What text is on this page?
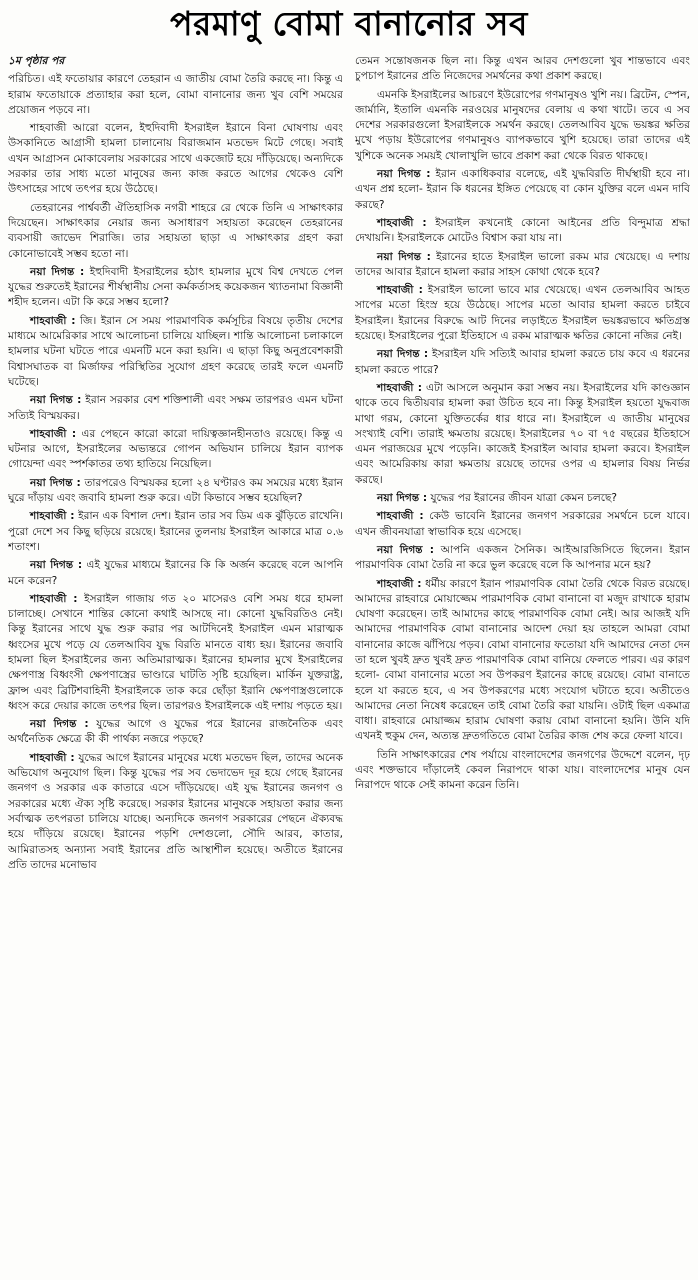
পরমাণু বোমা বানানোর সব

১ম পৃষ্ঠার পর

পরিচিত। এই ফতোয়ার কারণে তেহরান এ জাতীয় বোমা তৈরি করছে না। কিন্তু এ হারাম ফতোয়াকে প্রত্যাহার করা হলে, বোমা বানানোর জন্য খুব বেশি সময়ের প্রয়োজন পড়বে না।

শাহবাজী আরো বলেন, ইহুদিবাদী ইসরাইল ইরানে বিনা ঘোষণায় এবং উসকানিতে আগ্রাসী হামলা চালানোয় বিরাজমান মতভেদ মিটে গেছে। সবাই এখন আগ্রাসন মোকাবেলায় সরকারের সাথে একজোট হয়ে দাঁড়িয়েছে। অন্যদিকে সরকার তার সাধ্য মতো মানুষের জন্য কাজ করতে আগের থেকেও বেশি উৎসাহের সাথে তৎপর হয়ে উঠেছে।

তেহরানের পার্শ্ববর্তী ঐতিহাসিক নগরী শাহরে রে থেকে তিনি এ সাক্ষাৎকার দিয়েছেন। সাক্ষাৎকার নেয়ার জন্য অসাধারণ সহায়তা করেছেন তেহরানের ব্যবসায়ী জাভেদ শিরাজি। তার সহায়তা ছাড়া এ সাক্ষাৎকার গ্রহণ করা কোনোভাবেই সম্ভব হতো না।

নয়া দিগন্ত : ইহুদিবাদী ইসরাইলের হঠাৎ হামলার মুখে বিশ্ব দেখতে পেল যুদ্ধের শুরুতেই ইরানের শীর্ষস্থানীয় সেনা কর্মকর্তাসহ কয়েকজন খ্যাতনামা বিজ্ঞানী শহীদ হলেন। এটা কি করে সম্ভব হলো?

শাহবাজী : জি। ইরান সে সময় পারমাণবিক কর্মসূচির বিষয়ে তৃতীয় দেশের মাধ্যমে আমেরিকার সাথে আলোচনা চালিয়ে যাচ্ছিল। শান্তি আলোচনা চলাকালে হামলার ঘটনা ঘটতে পারে এমনটি মনে করা হয়নি। এ ছাড়া কিছু অনুপ্রবেশকারী বিশ্বাসঘাতক বা মির্জাফর পরিস্থিতির সুযোগ গ্রহণ করেছে তারই ফলে এমনটি ঘটেছে।

নয়া দিগন্ত : ইরান সরকার বেশ শক্তিশালী এবং সক্ষম তারপরও এমন ঘটনা সত্যিই বিস্ময়কর।

শাহবাজী : এর পেছনে কারো কারো দায়িত্বজ্ঞানহীনতাও রয়েছে। কিন্তু এ ঘটনার আগে, ইসরাইলের অভ্যন্তরে গোপন অভিযান চালিয়ে ইরান ব্যাপক গোয়েন্দা এবং স্পর্শকাতর তথ্য হাতিয়ে নিয়েছিল।

নয়া দিগন্ত : তারপরেও বিস্ময়কর হলো ২৪ ঘণ্টারও কম সময়ের মধ্যে ইরান ঘুরে দাঁড়ায় এবং জবাবি হামলা শুরু করে। এটা কিভাবে সম্ভব হয়েছিল?

শাহবাজী : ইরান এক বিশাল দেশ। ইরান তার সব ডিম এক ঝুঁড়িতে রাখেনি। পুরো দেশে সব কিছু ছড়িয়ে রয়েছে। ইরানের তুলনায় ইসরাইল আকারে মাত্র ০.৬ শতাংশ।

নয়া দিগন্ত : এই যুদ্ধের মাধ্যমে ইরানের কি কি অর্জন করেছে বলে আপনি মনে করেন?

শাহবাজী : ইসরাইল গাজায় গত ২০ মাসেরও বেশি সময় ধরে হামলা চালাচ্ছে। সেখানে শান্তির কোনো কথাই আসছে না। কোনো যুদ্ধবিরতিও নেই। কিন্তু ইরানের সাথে যুদ্ধ শুরু করার পর আটদিনেই ইসরাইল এমন মারাত্মক ধ্বংসের মুখে পড়ে যে তেলআবিব যুদ্ধ বিরতি মানতে বাধ্য হয়। ইরানের জবাবি হামলা ছিল ইসরাইলের জন্য অতিমারাত্মক। ইরানের হামলার মুখে ইসরাইলের ক্ষেপণাস্ত্র বিধ্বংসী ক্ষেপণাস্ত্রের ভাণ্ডারে ঘাটতি সৃষ্টি হয়েছিল। মার্কিন যুক্তরাষ্ট্র, ফ্রান্স এবং ব্রিটিশবাহিনী ইসরাইলকে তাক করে ছোঁড়া ইরানি ক্ষেপণাস্ত্রগুলোকে ধ্বংস করে দেয়ার কাজে তৎপর ছিল। তারপরও ইসরাইলকে এই দশায় পড়তে হয়।

নয়া দিগন্ত : যুদ্ধের আগে ও যুদ্ধের পরে ইরানের রাজনৈতিক এবং অর্থনৈতিক ক্ষেত্রে কী কী পার্থক্য নজরে পড়ছে?

শাহবাজী : যুদ্ধের আগে ইরানের মানুষের মধ্যে মতভেদ ছিল, তাদের অনেক অভিযোগ অনুযোগ ছিল। কিন্তু যুদ্ধের পর সব ভেদাভেদ দূর হয়ে গেছে ইরানের জনগণ ও সরকার এক কাতারে এসে দাঁড়িয়েছে। এই যুদ্ধ ইরানের জনগণ ও সরকারের মধ্যে ঐক্য সৃষ্টি করেছে। সরকার ইরানের মানুষকে সহায়তা করার জন্য সর্বাত্মক তৎপরতা চালিয়ে যাচ্ছে। অন্যদিকে জনগণ সরকারের পেছনে ঐক্যবদ্ধ হয়ে দাঁড়িয়ে রয়েছে। ইরানের পড়শি দেশগুলো, সৌদি আরব, কাতার, আমিরাতসহ অন্যান্য সবাই ইরানের প্রতি আস্থাশীল হয়েছে। অতীতে ইরানের প্রতি তাদের মনোভাব

তেমন সন্তোষজনক ছিল না। কিন্তু এখন আরব দেশগুলো খুব শান্তভাবে এবং চুপচাপ ইরানের প্রতি নিজেদের সমর্থনের কথা প্রকাশ করছে।

এমনকি ইসরাইলের আচরণে ইউরোপের গণমানুষও খুশি নয়। ব্রিটেন, স্পেন, জার্মানি, ইতালি এমনকি নরওয়ের মানুষদের বেলায় এ কথা খাটে। তবে এ সব দেশের সরকারগুলো ইসরাইলকে সমর্থন করছে। তেলআবিব যুদ্ধে ভয়ঙ্কর ক্ষতির মুখে পড়ায় ইউরোপের গণমানুষও ব্যাপকভাবে খুশি হয়েছে। তারা তাদের এই খুশিকে অনেক সময়ই খোলাখুলি ভাবে প্রকাশ করা থেকে বিরত থাকছে।

নয়া দিগন্ত : ইরান একাধিকবার বলেছে, এই যুদ্ধবিরতি দীর্ঘস্থায়ী হবে না। এখন প্রশ্ন হলো- ইরান কি ধরনের ইঙ্গিত পেয়েছে বা কোন যুক্তির বলে এমন দাবি করছে?

শাহবাজী : ইসরাইল কখনোই কোনো আইনের প্রতি বিন্দুমাত্র শ্রদ্ধা দেখায়নি। ইসরাইলকে মোটেও বিশ্বাস করা যায় না।

নয়া দিগন্ত : ইরানের হাতে ইসরাইল ভালো রকম মার খেয়েছে। এ দশায় তাদের আবার ইরানে হামলা করার সাহস কোথা থেকে হবে?

শাহবাজী : ইসরাইল ভালো ভাবে মার খেয়েছে। এখন তেলআবিব আহত সাপের মতো হিংস্র হয়ে উঠেছে। সাপের মতো আবার হামলা করতে চাইবে ইসরাইল। ইরানের বিরুদ্ধে আট দিনের লড়াইতে ইসরাইল ভয়ঙ্করভাবে ক্ষতিগ্রস্ত হয়েছে। ইসরাইলের পুরো ইতিহাসে এ রকম মারাত্মক ক্ষতির কোনো নজির নেই।

নয়া দিগন্ত : ইসরাইল যদি সত্যিই আবার হামলা করতে চায় কবে এ ধরনের হামলা করতে পারে?

শাহবাজী : এটা আসলে অনুমান করা সম্ভব নয়। ইসরাইলের যদি কাণ্ডজ্ঞান থাকে তবে দ্বিতীয়বার হামলা করা উচিত হবে না। কিন্তু ইসরাইল হয়তো যুদ্ধবাজ মাথা গরম, কোনো যুক্তিতর্কের ধার ধারে না। ইসরাইলে এ জাতীয় মানুষের সংখ্যাই বেশি। তারাই ক্ষমতায় রয়েছে। ইসরাইলের ৭০ বা ৭৫ বছরের ইতিহাসে এমন পরাজয়ের মুখে পড়েনি। কাজেই ইসরাইল আবার হামলা করবে। ইসরাইল এবং আমেরিকায় কারা ক্ষমতায় রয়েছে তাদের ওপর এ হামলার বিষয় নির্ভর করছে।

নয়া দিগন্ত : যুদ্ধের পর ইরানের জীবন যাত্রা কেমন চলছে?

শাহবাজী : কেউ ভাবেনি ইরানের জনগণ সরকারের সমর্থনে চলে যাবে। এখন জীবনযাত্রা স্বাভাবিক হয়ে এসেছে।

নয়া দিগন্ত : আপনি একজন সৈনিক। আইআরজিসিতে ছিলেন। ইরান পারমাণবিক বোমা তৈরি না করে ভুল করেছে বলে কি আপনার মনে হয়?

শাহবাজী : ধর্মীয় কারণে ইরান পারমাণবিক বোমা তৈরি থেকে বিরত রয়েছে। আমাদের রাহবারে মোয়াজ্জেম পারমাণবিক বোমা বানানো বা মজুদ রাখাকে হারাম ঘোষণা করেছেন। তাই আমাদের কাছে পারমাণবিক বোমা নেই। আর আজই যদি আমাদের পারমাণবিক বোমা বানানোর আদেশ দেয়া হয় তাহলে আমরা বোমা বানানোর কাজে ঝাঁপিয়ে পড়ব। বোমা বানানোর ফতোয়া যদি আমাদের নেতা দেন তা হলে খুবই দ্রুত খুবই দ্রুত পারমাণবিক বোমা বানিয়ে ফেলতে পারব। এর কারণ হলো- বোমা বানানোর মতো সব উপকরণ ইরানের কাছে রয়েছে। বোমা বানাতে হলে যা করতে হবে, এ সব উপকরণের মধ্যে সংযোগ ঘটাতে হবে। অতীতেও আমাদের নেতা নিষেধ করেছেন তাই বোমা তৈরি করা যায়নি। ওটাই ছিল একমাত্র বাধা। রাহবারে মোয়াজ্জম হারাম ঘোষণা করায় বোমা বানানো হয়নি। উনি যদি এখনই হুকুম দেন, অত্যন্ত দ্রুতগতিতে বোমা তৈরির কাজ শেষ করে ফেলা যাবে।

তিনি সাক্ষাৎকারের শেষ পর্যায়ে বাংলাদেশের জনগণের উদ্দেশে বলেন, দৃঢ় এবং শক্তভাবে দাঁড়ালেই কেবল নিরাপদে থাকা যায়। বাংলাদেশের মানুষ যেন নিরাপদে থাকে সেই কামনা করেন তিনি।
